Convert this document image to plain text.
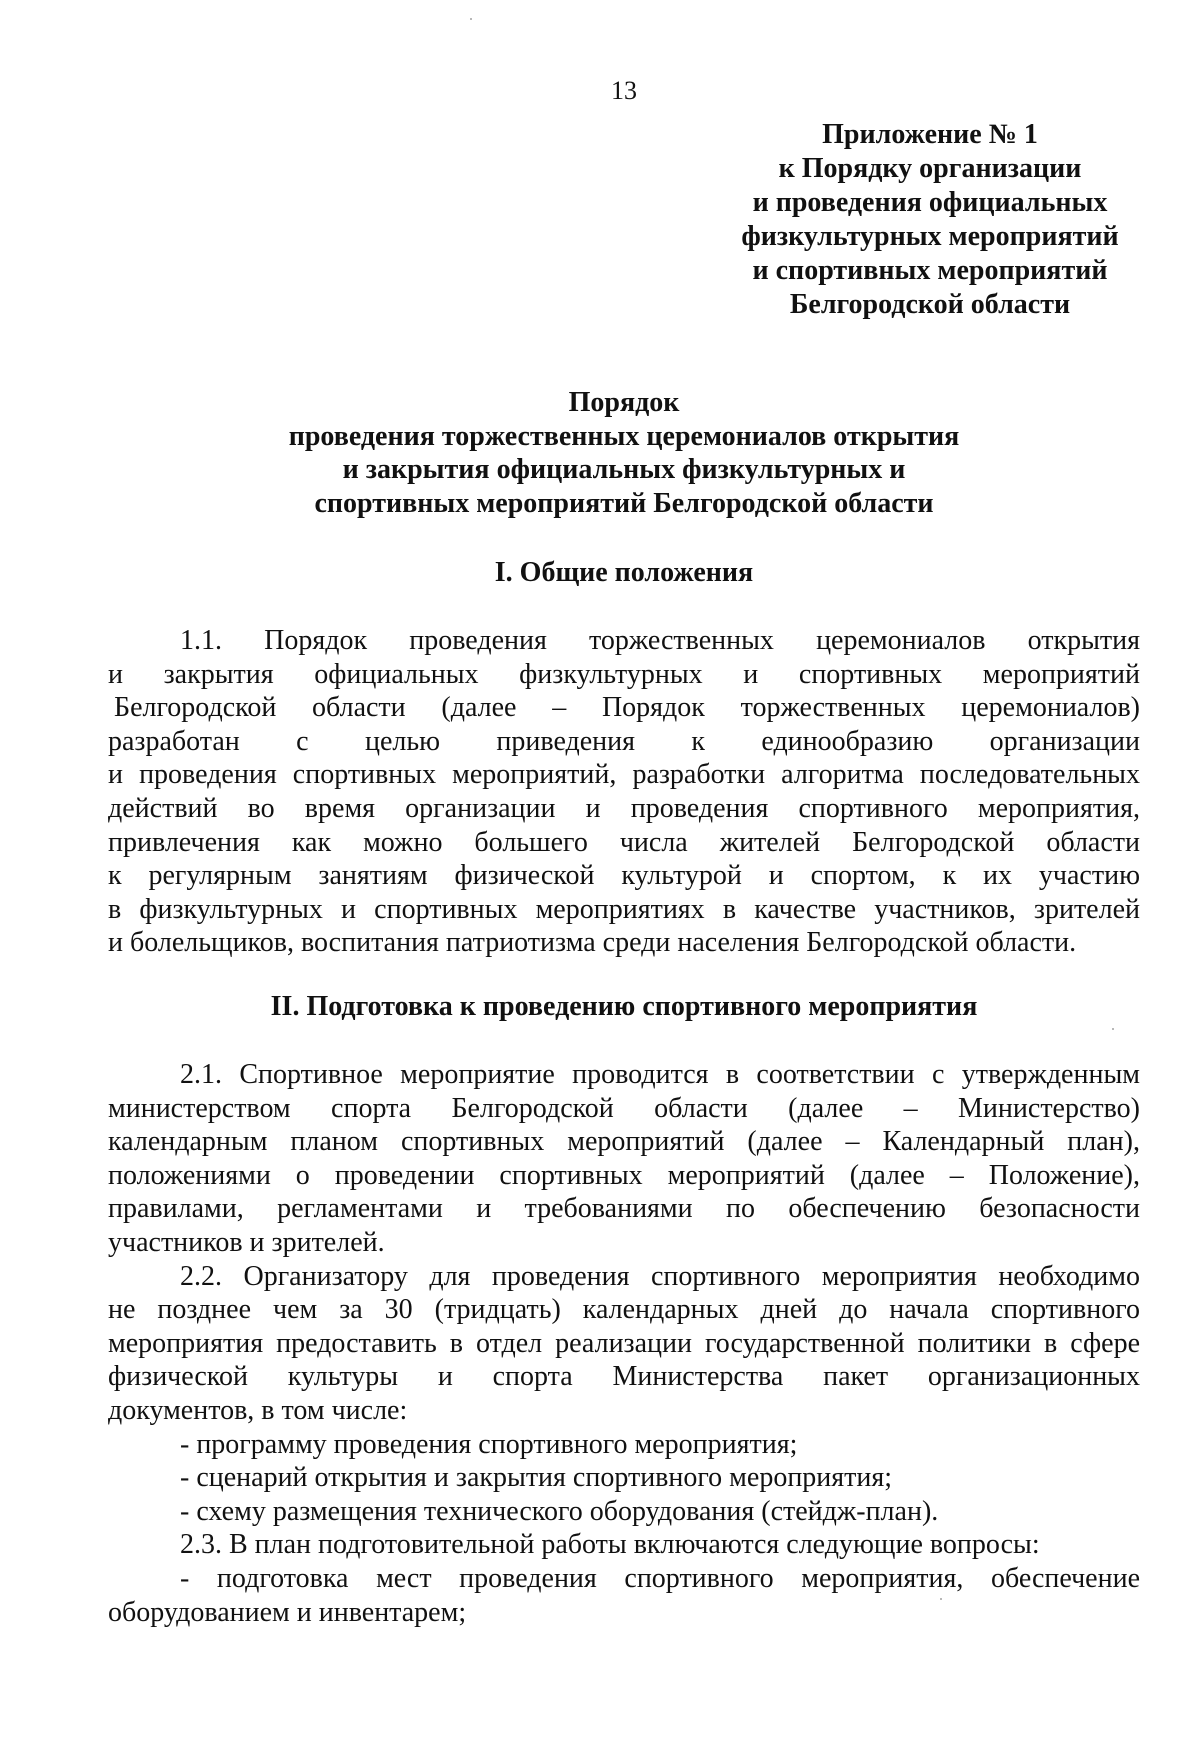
13
Приложение № 1
к Порядку организации
и проведения официальных
физкультурных мероприятий
и спортивных мероприятий
Белгородской области
Порядок
проведения торжественных церемониалов открытия
и закрытия официальных физкультурных и
спортивных мероприятий Белгородской области
I. Общие положения
1.1. Порядок проведения торжественных церемониалов открытия
и закрытия официальных физкультурных и спортивных мероприятий
Белгородской области (далее – Порядок торжественных церемониалов)
разработан с целью приведения к единообразию организации
и проведения спортивных мероприятий, разработки алгоритма последовательных
действий во время организации и проведения спортивного мероприятия,
привлечения как можно большего числа жителей Белгородской области
к регулярным занятиям физической культурой и спортом, к их участию
в физкультурных и спортивных мероприятиях в качестве участников, зрителей
и болельщиков, воспитания патриотизма среди населения Белгородской области.
II. Подготовка к проведению спортивного мероприятия
2.1. Спортивное мероприятие проводится в соответствии с утвержденным
министерством спорта Белгородской области (далее – Министерство)
календарным планом спортивных мероприятий (далее – Календарный план),
положениями о проведении спортивных мероприятий (далее – Положение),
правилами, регламентами и требованиями по обеспечению безопасности
участников и зрителей.
2.2. Организатору для проведения спортивного мероприятия необходимо
не позднее чем за 30 (тридцать) календарных дней до начала спортивного
мероприятия предоставить в отдел реализации государственной политики в сфере
физической культуры и спорта Министерства пакет организационных
документов, в том числе:
- программу проведения спортивного мероприятия;
- сценарий открытия и закрытия спортивного мероприятия;
- схему размещения технического оборудования (стейдж-план).
2.3. В план подготовительной работы включаются следующие вопросы:
- подготовка мест проведения спортивного мероприятия, обеспечение
оборудованием и инвентарем;
